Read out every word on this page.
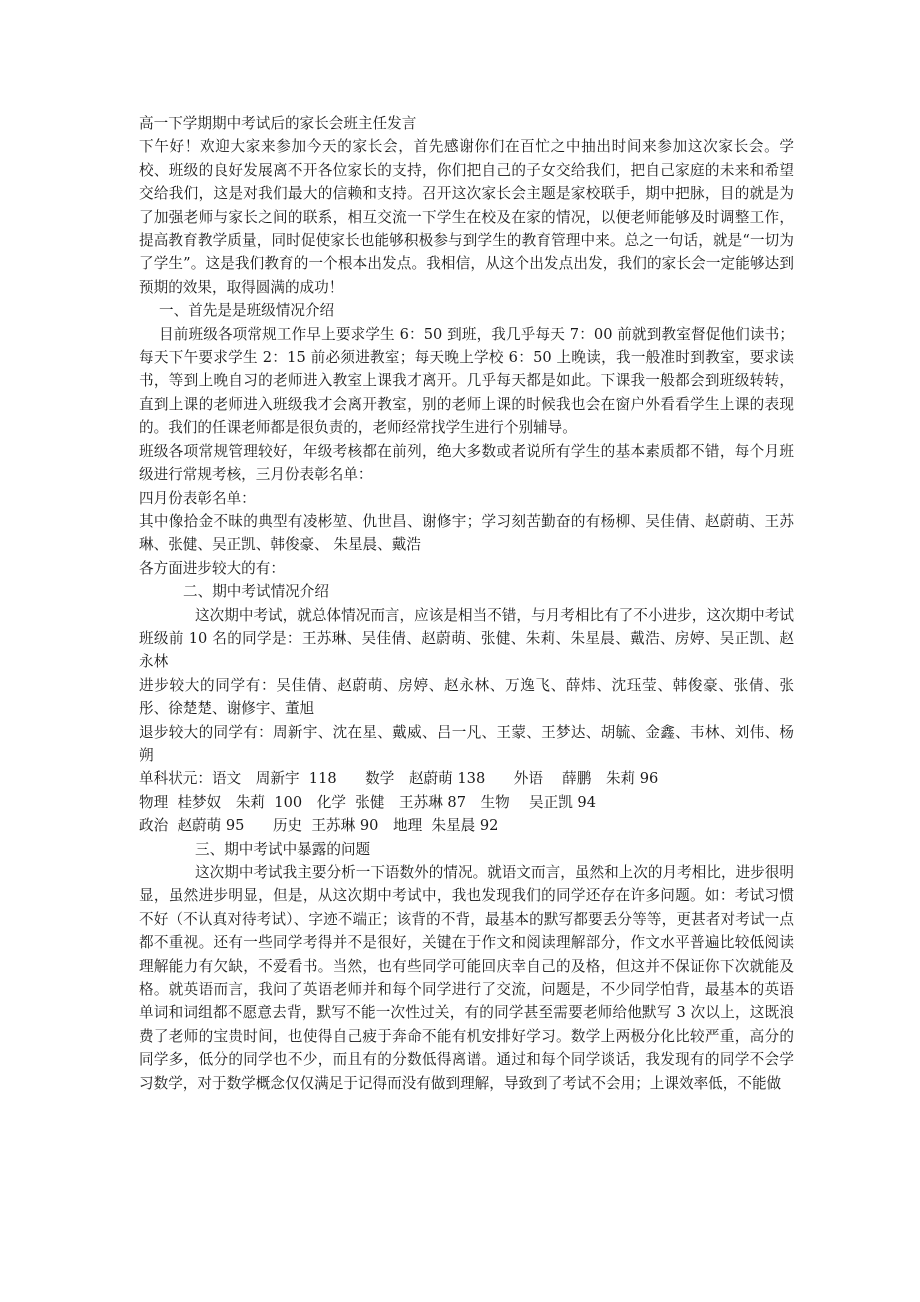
高一下学期期中考试后的家长会班主任发言

下午好！欢迎大家来参加今天的家长会，首先感谢你们在百忙之中抽出时间来参加这次家长会。学校、班级的良好发展离不开各位家长的支持，你们把自己的子女交给我们，把自己家庭的未来和希望交给我们，这是对我们最大的信赖和支持。召开这次家长会主题是家校联手，期中把脉，目的就是为了加强老师与家长之间的联系，相互交流一下学生在校及在家的情况，以便老师能够及时调整工作，提高教育教学质量，同时促使家长也能够积极参与到学生的教育管理中来。总之一句话，就是“一切为了学生”。这是我们教育的一个根本出发点。我相信，从这个出发点出发，我们的家长会一定能够达到预期的效果，取得圆满的成功！

一、首先是是班级情况介绍

目前班级各项常规工作早上要求学生 6：50 到班，我几乎每天 7：00 前就到教室督促他们读书；每天下午要求学生 2：15 前必须进教室；每天晚上学校 6：50 上晚读，我一般准时到教室，要求读书，等到上晚自习的老师进入教室上课我才离开。几乎每天都是如此。下课我一般都会到班级转转，直到上课的老师进入班级我才会离开教室，别的老师上课的时候我也会在窗户外看看学生上课的表现的。我们的任课老师都是很负责的，老师经常找学生进行个别辅导。

班级各项常规管理较好，年级考核都在前列，绝大多数或者说所有学生的基本素质都不错，每个月班级进行常规考核，三月份表彰名单：

四月份表彰名单：

其中像拾金不昧的典型有凌彬堃、仇世昌、谢修宇；学习刻苦勤奋的有杨柳、吴佳倩、赵蔚萌、王苏琳、张健、吴正凯、韩俊豪、 朱星晨、戴浩

各方面进步较大的有：

二、期中考试情况介绍

这次期中考试，就总体情况而言，应该是相当不错，与月考相比有了不小进步，这次期中考试班级前 10 名的同学是：王苏琳、吴佳倩、赵蔚萌、张健、朱莉、朱星晨、戴浩、房婷、吴正凯、赵永林

进步较大的同学有：吴佳倩、赵蔚萌、房婷、赵永林、万逸飞、薛炜、沈珏莹、韩俊豪、张倩、张彤、徐楚楚、谢修宇、董旭

退步较大的同学有：周新宇、沈在星、戴威、吕一凡、王蒙、王梦达、胡毓、金鑫、韦林、刘伟、杨朔

单科状元：语文　周新宇  118　   数学　赵蔚萌 138　   外语　 薛鹏　朱莉 96

物理  桂梦奴　朱莉  100　化学  张健　王苏琳 87　生物　 吴正凯 94

政治  赵蔚萌 95　   历史  王苏琳 90　地理  朱星晨 92

三、期中考试中暴露的问题

这次期中考试我主要分析一下语数外的情况。就语文而言，虽然和上次的月考相比，进步很明显，虽然进步明显，但是，从这次期中考试中，我也发现我们的同学还存在许多问题。如：考试习惯不好（不认真对待考试）、字迹不端正；该背的不背，最基本的默写都要丢分等等，更甚者对考试一点都不重视。还有一些同学考得并不是很好，关键在于作文和阅读理解部分，作文水平普遍比较低阅读理解能力有欠缺，不爱看书。当然，也有些同学可能回庆幸自己的及格，但这并不保证你下次就能及格。就英语而言，我问了英语老师并和每个同学进行了交流，问题是，不少同学怕背，最基本的英语单词和词组都不愿意去背，默写不能一次性过关，有的同学甚至需要老师给他默写 3 次以上，这既浪费了老师的宝贵时间，也使得自己疲于奔命不能有机安排好学习。数学上两极分化比较严重，高分的同学多，低分的同学也不少，而且有的分数低得离谱。通过和每个同学谈话，我发现有的同学不会学习数学，对于数学概念仅仅满足于记得而没有做到理解，导致到了考试不会用；上课效率低，不能做
